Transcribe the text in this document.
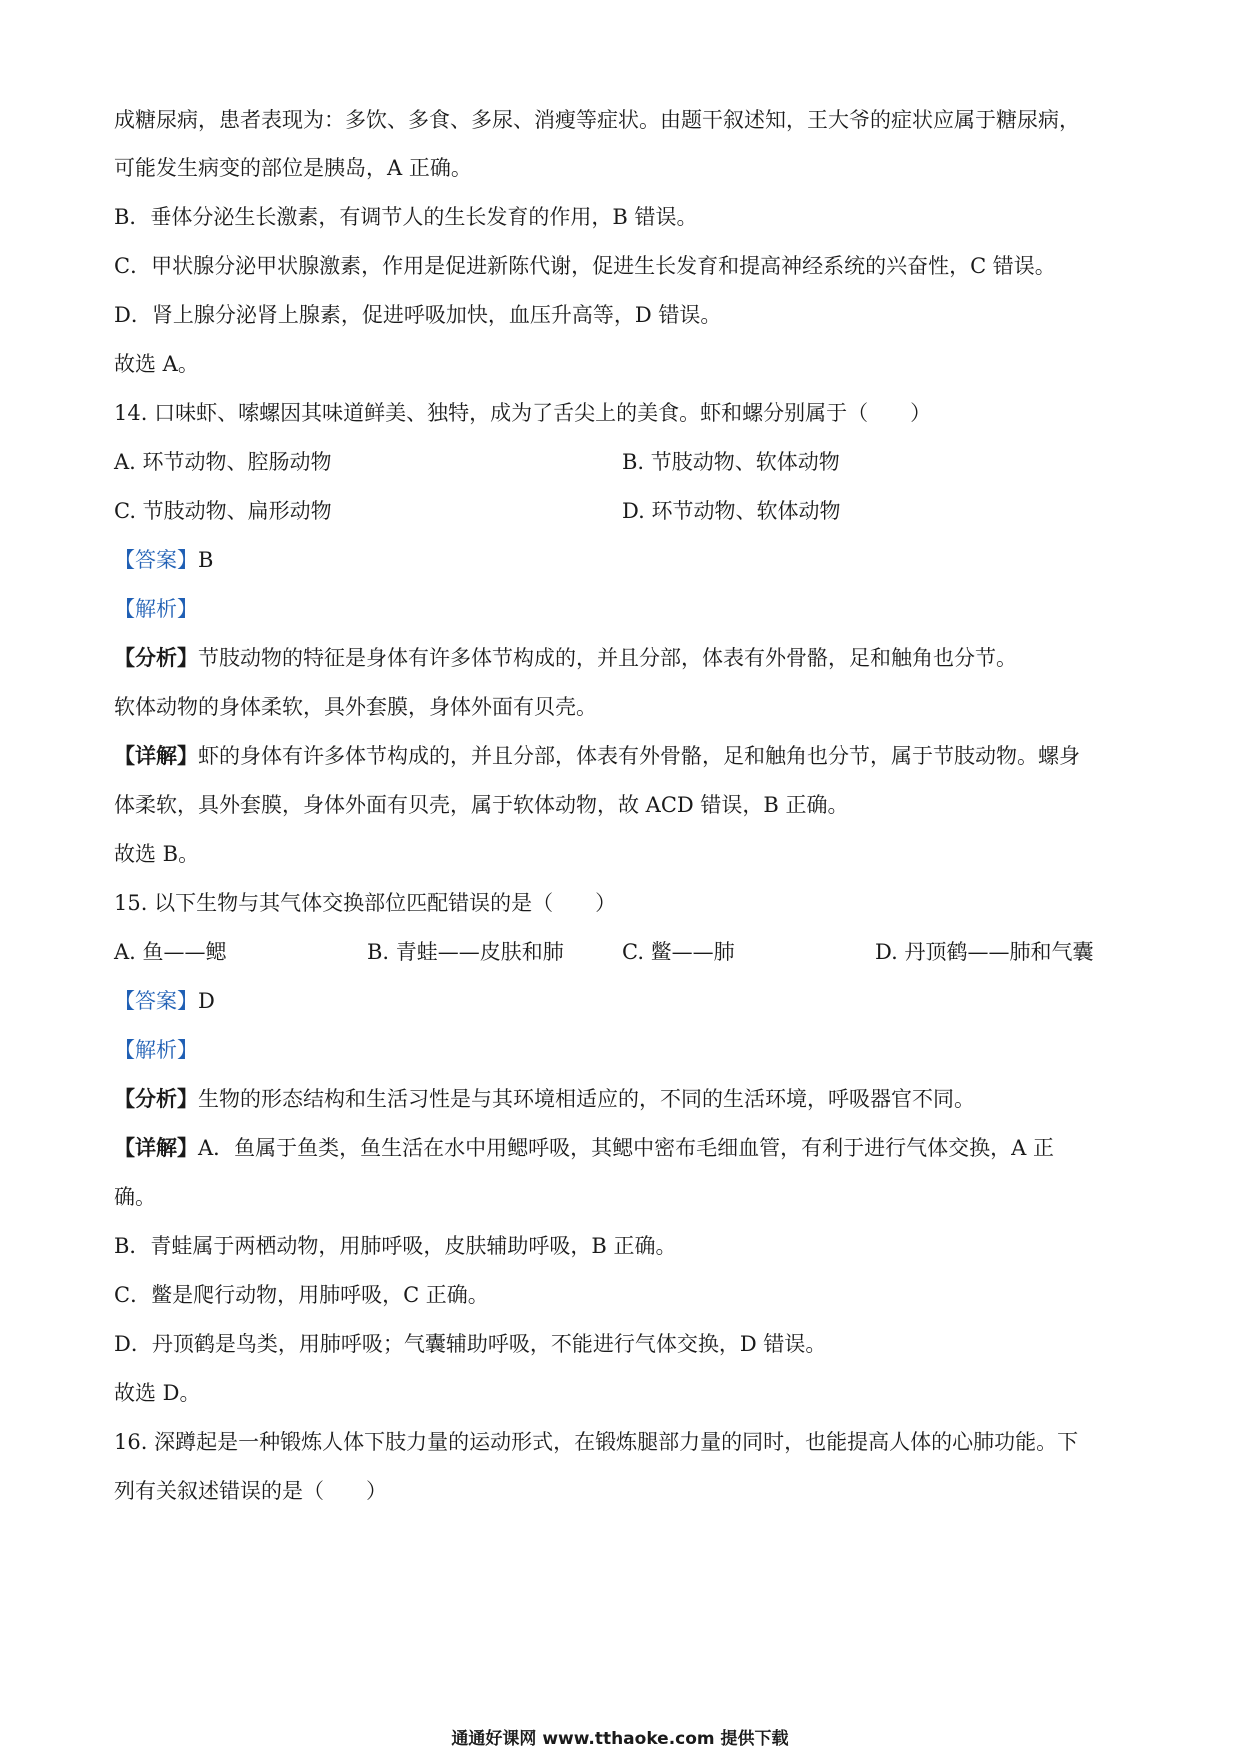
成糖尿病，患者表现为：多饮、多食、多尿、消瘦等症状。由题干叙述知，王大爷的症状应属于糖尿病，
可能发生病变的部位是胰岛，A 正确。
B．垂体分泌生长激素，有调节人的生长发育的作用，B 错误。
C．甲状腺分泌甲状腺激素，作用是促进新陈代谢，促进生长发育和提高神经系统的兴奋性，C 错误。
D．肾上腺分泌肾上腺素，促进呼吸加快，血压升高等，D 错误。
故选 A。
14. 口味虾、嗦螺因其味道鲜美、独特，成为了舌尖上的美食。虾和螺分别属于（　　）
A. 环节动物、腔肠动物	B. 节肢动物、软体动物
C. 节肢动物、扁形动物	D. 环节动物、软体动物
【答案】B
【解析】
【分析】节肢动物的特征是身体有许多体节构成的，并且分部，体表有外骨骼，足和触角也分节。
软体动物的身体柔软，具外套膜，身体外面有贝壳。
【详解】虾的身体有许多体节构成的，并且分部，体表有外骨骼，足和触角也分节，属于节肢动物。螺身
体柔软，具外套膜，身体外面有贝壳，属于软体动物，故 ACD 错误，B 正确。
故选 B。
15. 以下生物与其气体交换部位匹配错误的是（　　）
A. 鱼——鳃	B. 青蛙——皮肤和肺	C. 鳖——肺	D. 丹顶鹤——肺和气囊
【答案】D
【解析】
【分析】生物的形态结构和生活习性是与其环境相适应的，不同的生活环境，呼吸器官不同。
【详解】A．鱼属于鱼类，鱼生活在水中用鳃呼吸，其鳃中密布毛细血管，有利于进行气体交换，A 正
确。
B．青蛙属于两栖动物，用肺呼吸，皮肤辅助呼吸，B 正确。
C．鳖是爬行动物，用肺呼吸，C 正确。
D．丹顶鹤是鸟类，用肺呼吸；气囊辅助呼吸，不能进行气体交换，D 错误。
故选 D。
16. 深蹲起是一种锻炼人体下肢力量的运动形式，在锻炼腿部力量的同时，也能提高人体的心肺功能。下
列有关叙述错误的是（　　）
通通好课网 www.tthaoke.com 提供下载
